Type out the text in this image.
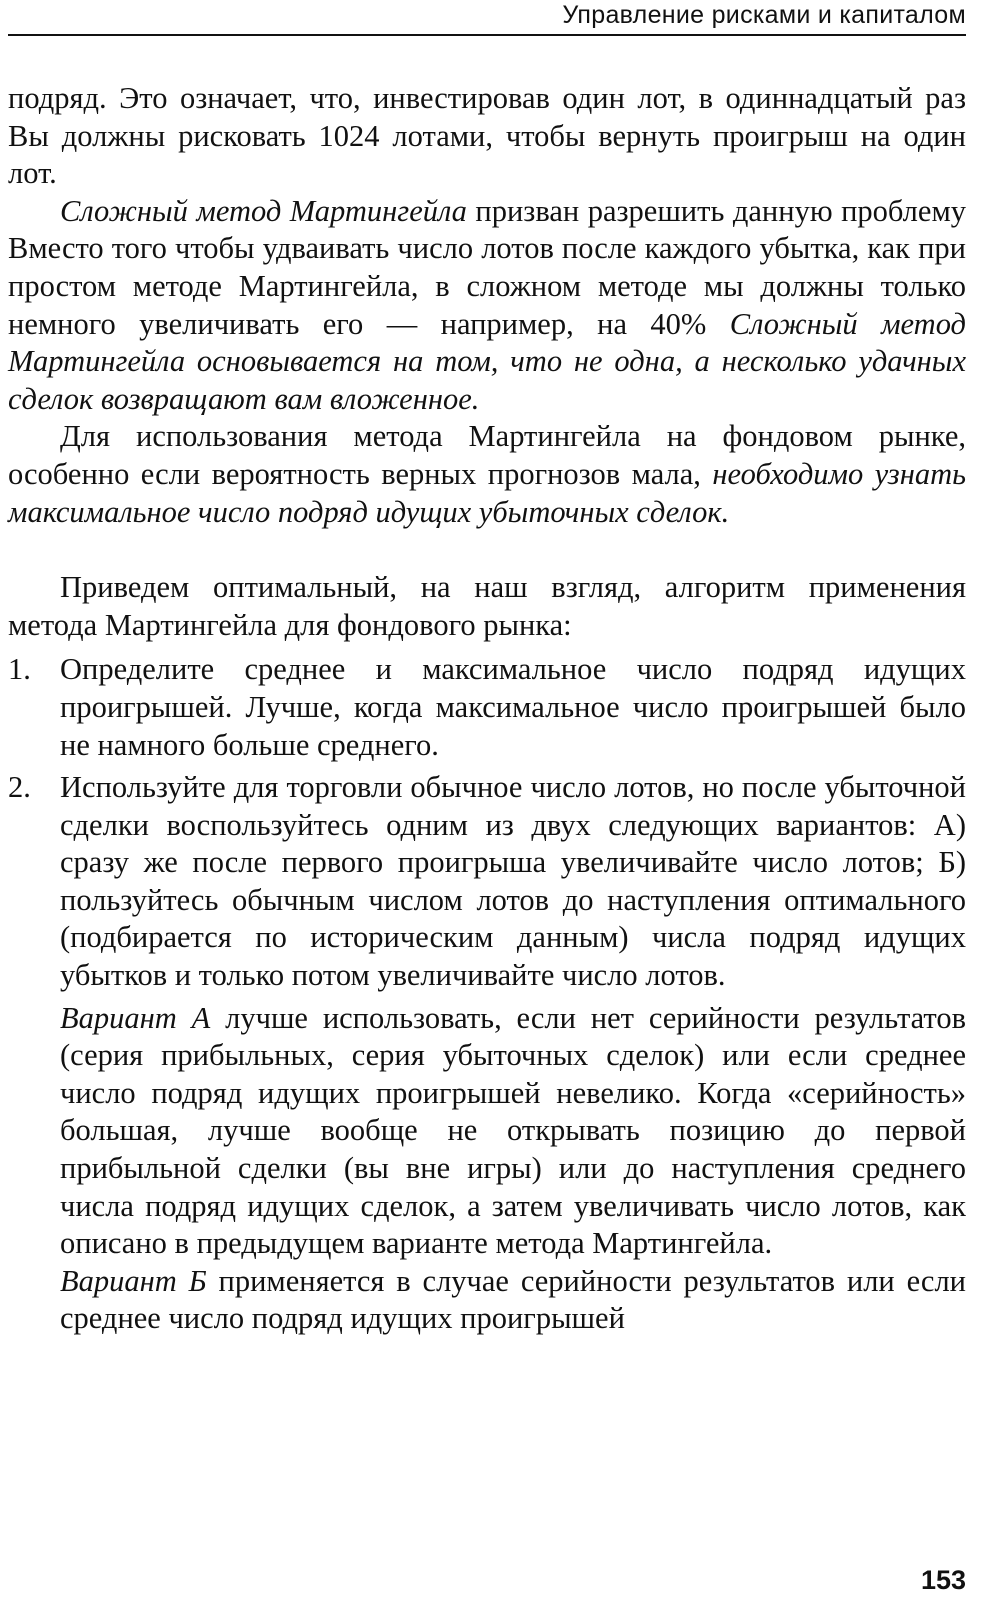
Управление рисками и капиталом

подряд. Это означает, что, инвестировав один лот, в одиннадцатый раз Вы должны рисковать 1024 лотами, чтобы вернуть проигрыш на один лот.

Сложный метод Мартингейла призван разрешить данную проблему Вместо того чтобы удваивать число лотов после каждого убытка, как при простом методе Мартингейла, в сложном методе мы должны только немного увеличивать его — например, на 40% Сложный метод Мартингейла основывается на том, что не одна, а несколько удачных сделок возвращают вам вложенное.

Для использования метода Мартингейла на фондовом рынке, особенно если вероятность верных прогнозов мала, необходимо узнать максимальное число подряд идущих убыточных сделок.

Приведем оптимальный, на наш взгляд, алгоритм применения метода Мартингейла для фондового рынка:

1. Определите среднее и максимальное число подряд идущих проигрышей. Лучше, когда максимальное число проигрышей было не намного больше среднего.
2. Используйте для торговли обычное число лотов, но после убыточной сделки воспользуйтесь одним из двух следующих вариантов: А) сразу же после первого проигрыша увеличивайте число лотов; Б) пользуйтесь обычным числом лотов до наступления оптимального (подбирается по историческим данным) числа подряд идущих убытков и только потом увеличивайте число лотов.

Вариант А лучше использовать, если нет серийности результатов (серия прибыльных, серия убыточных сделок) или если среднее число подряд идущих проигрышей невелико. Когда «серийность» большая, лучше вообще не открывать позицию до первой прибыльной сделки (вы вне игры) или до наступления среднего числа подряд идущих сделок, а затем увеличивать число лотов, как описано в предыдущем варианте метода Мартингейла.

Вариант Б применяется в случае серийности результатов или если среднее число подряд идущих проигрышей

153
